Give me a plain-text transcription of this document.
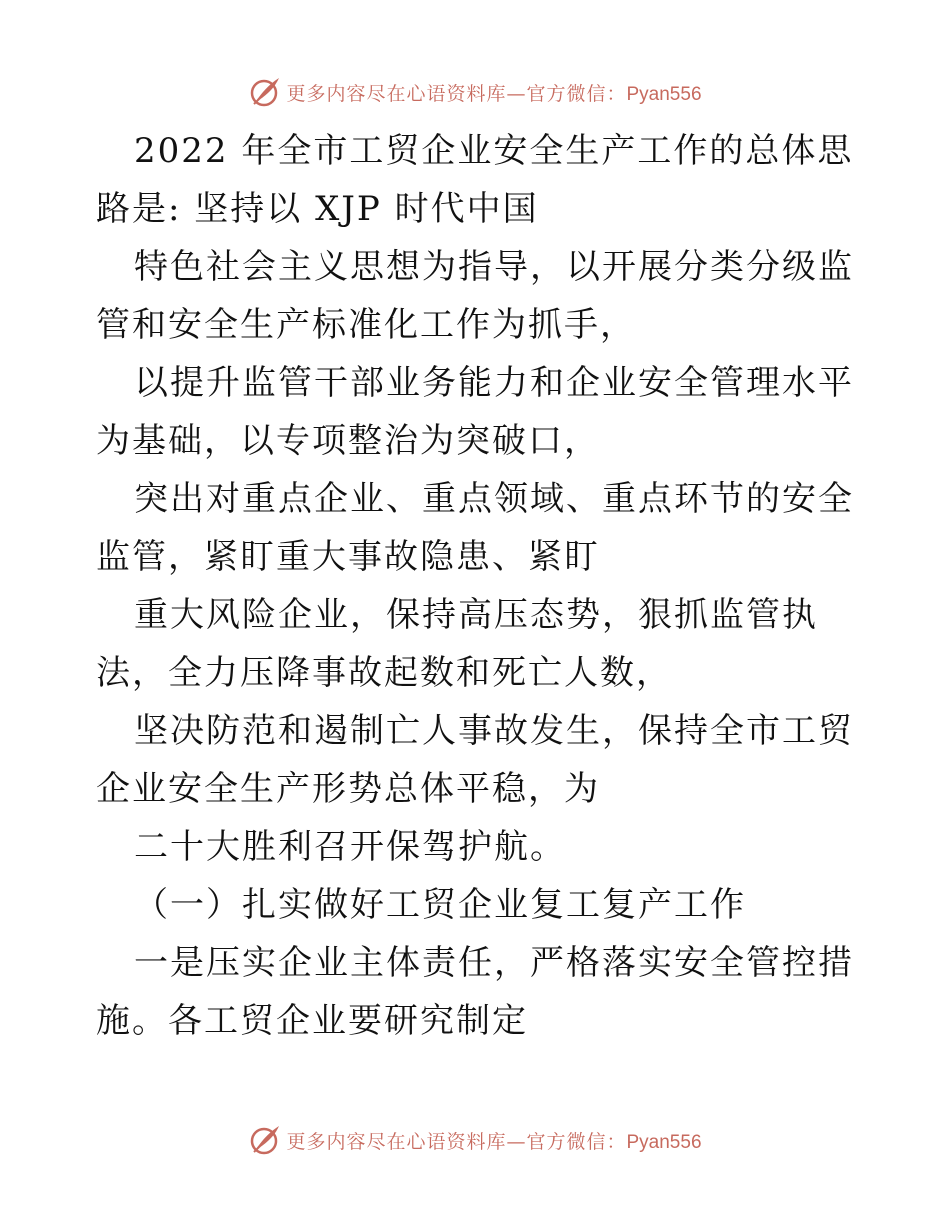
更多内容尽在心语资料库—官方微信：Pyan556

2022 年全市工贸企业安全生产工作的总体思路是: 坚持以 XJP 时代中国

特色社会主义思想为指导，以开展分类分级监管和安全生产标准化工作为抓手，

以提升监管干部业务能力和企业安全管理水平为基础，以专项整治为突破口，

突出对重点企业、重点领域、重点环节的安全监管，紧盯重大事故隐患、紧盯

重大风险企业，保持高压态势，狠抓监管执法，全力压降事故起数和死亡人数，

坚决防范和遏制亡人事故发生，保持全市工贸企业安全生产形势总体平稳，为

二十大胜利召开保驾护航。

（一）扎实做好工贸企业复工复产工作

一是压实企业主体责任，严格落实安全管控措施。各工贸企业要研究制定

更多内容尽在心语资料库—官方微信：Pyan556
